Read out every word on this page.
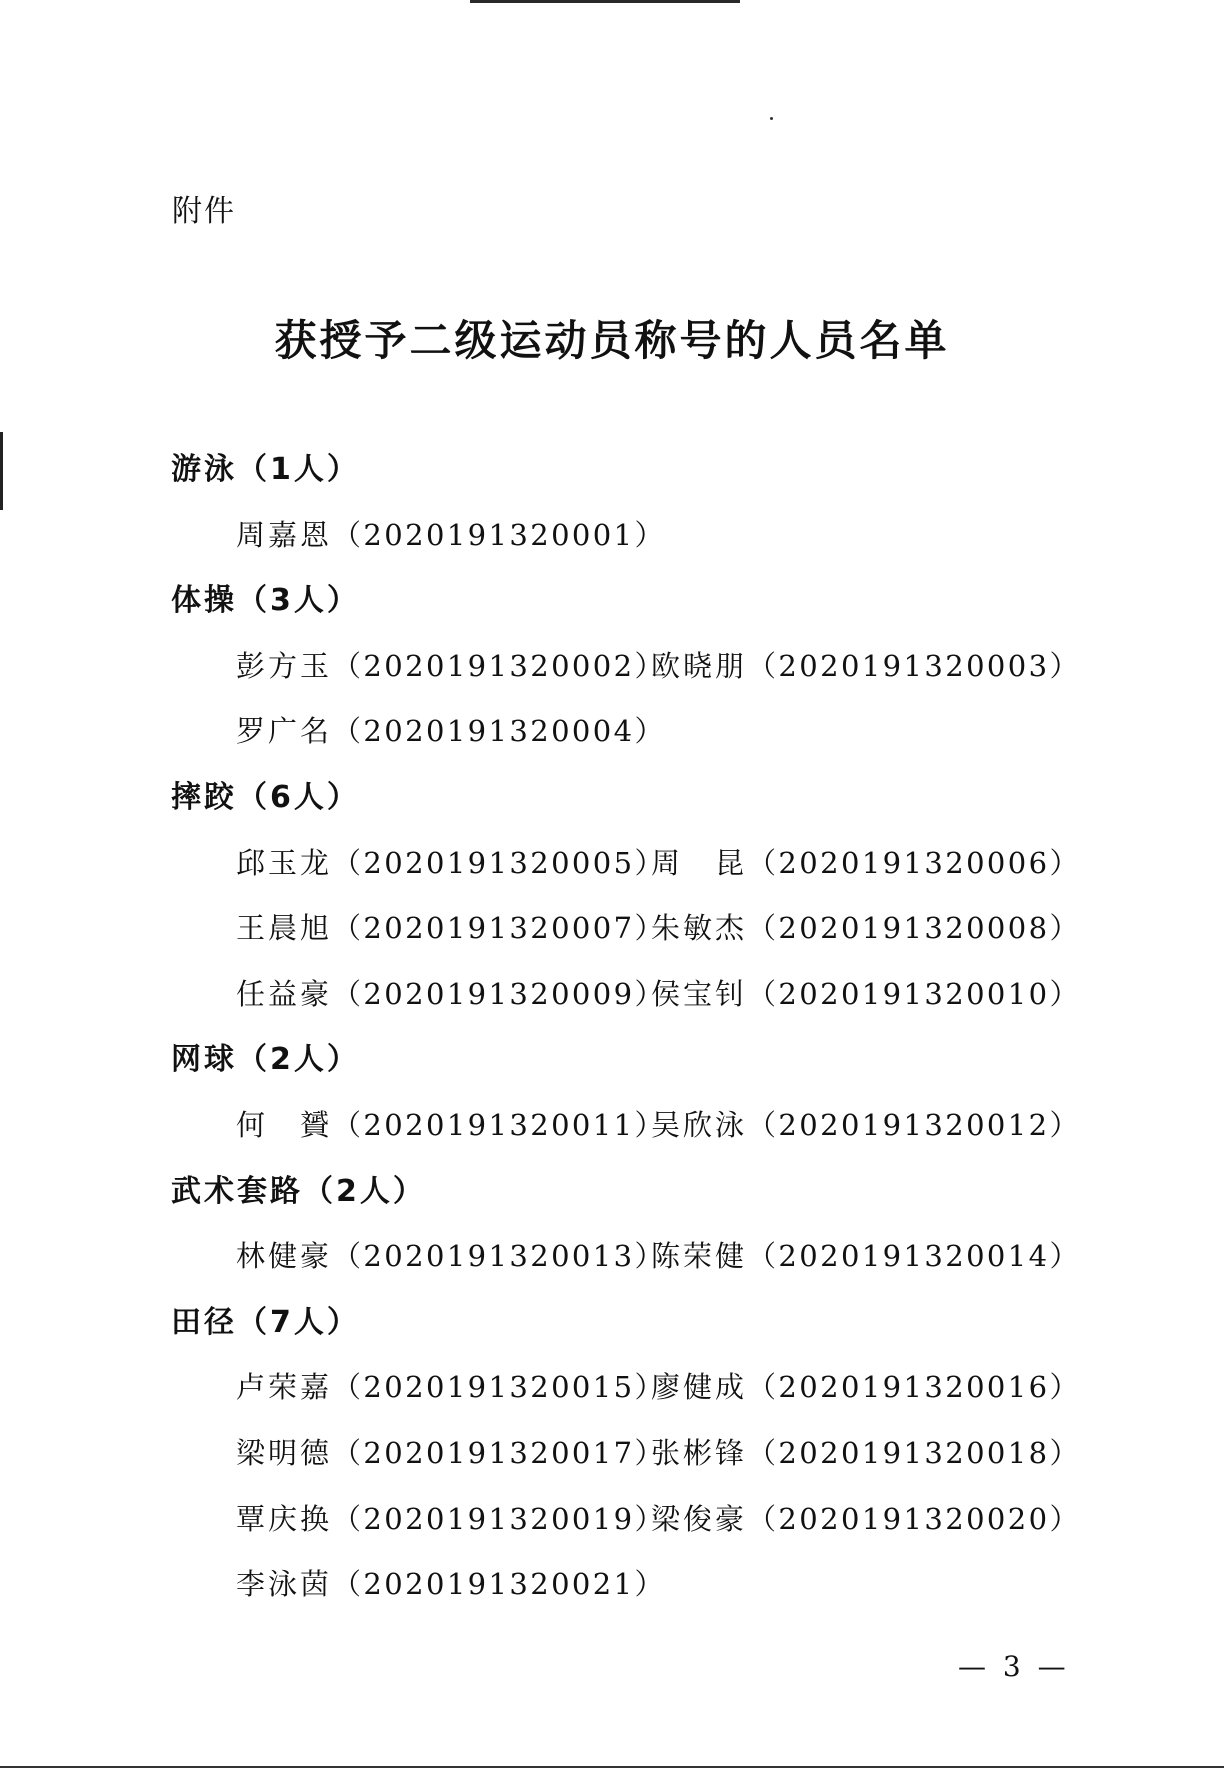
附件
获授予二级运动员称号的人员名单
游泳（1人）
周嘉恩 （2020191320001）
体操（3人）
彭方玉 （2020191320002）
欧晓朋 （2020191320003）
罗广名 （2020191320004）
摔跤（6人）
邱玉龙 （2020191320005）
周　昆 （2020191320006）
王晨旭 （2020191320007）
朱敏杰 （2020191320008）
任益豪 （2020191320009）
侯宝钊 （2020191320010）
网球（2人）
何　贇 （2020191320011）
吴欣泳 （2020191320012）
武术套路（2人）
林健豪 （2020191320013）
陈荣健 （2020191320014）
田径（7人）
卢荣嘉 （2020191320015）
廖健成 （2020191320016）
梁明德 （2020191320017）
张彬锋 （2020191320018）
覃庆换 （2020191320019）
梁俊豪 （2020191320020）
李泳茵 （2020191320021）
— 3 —
